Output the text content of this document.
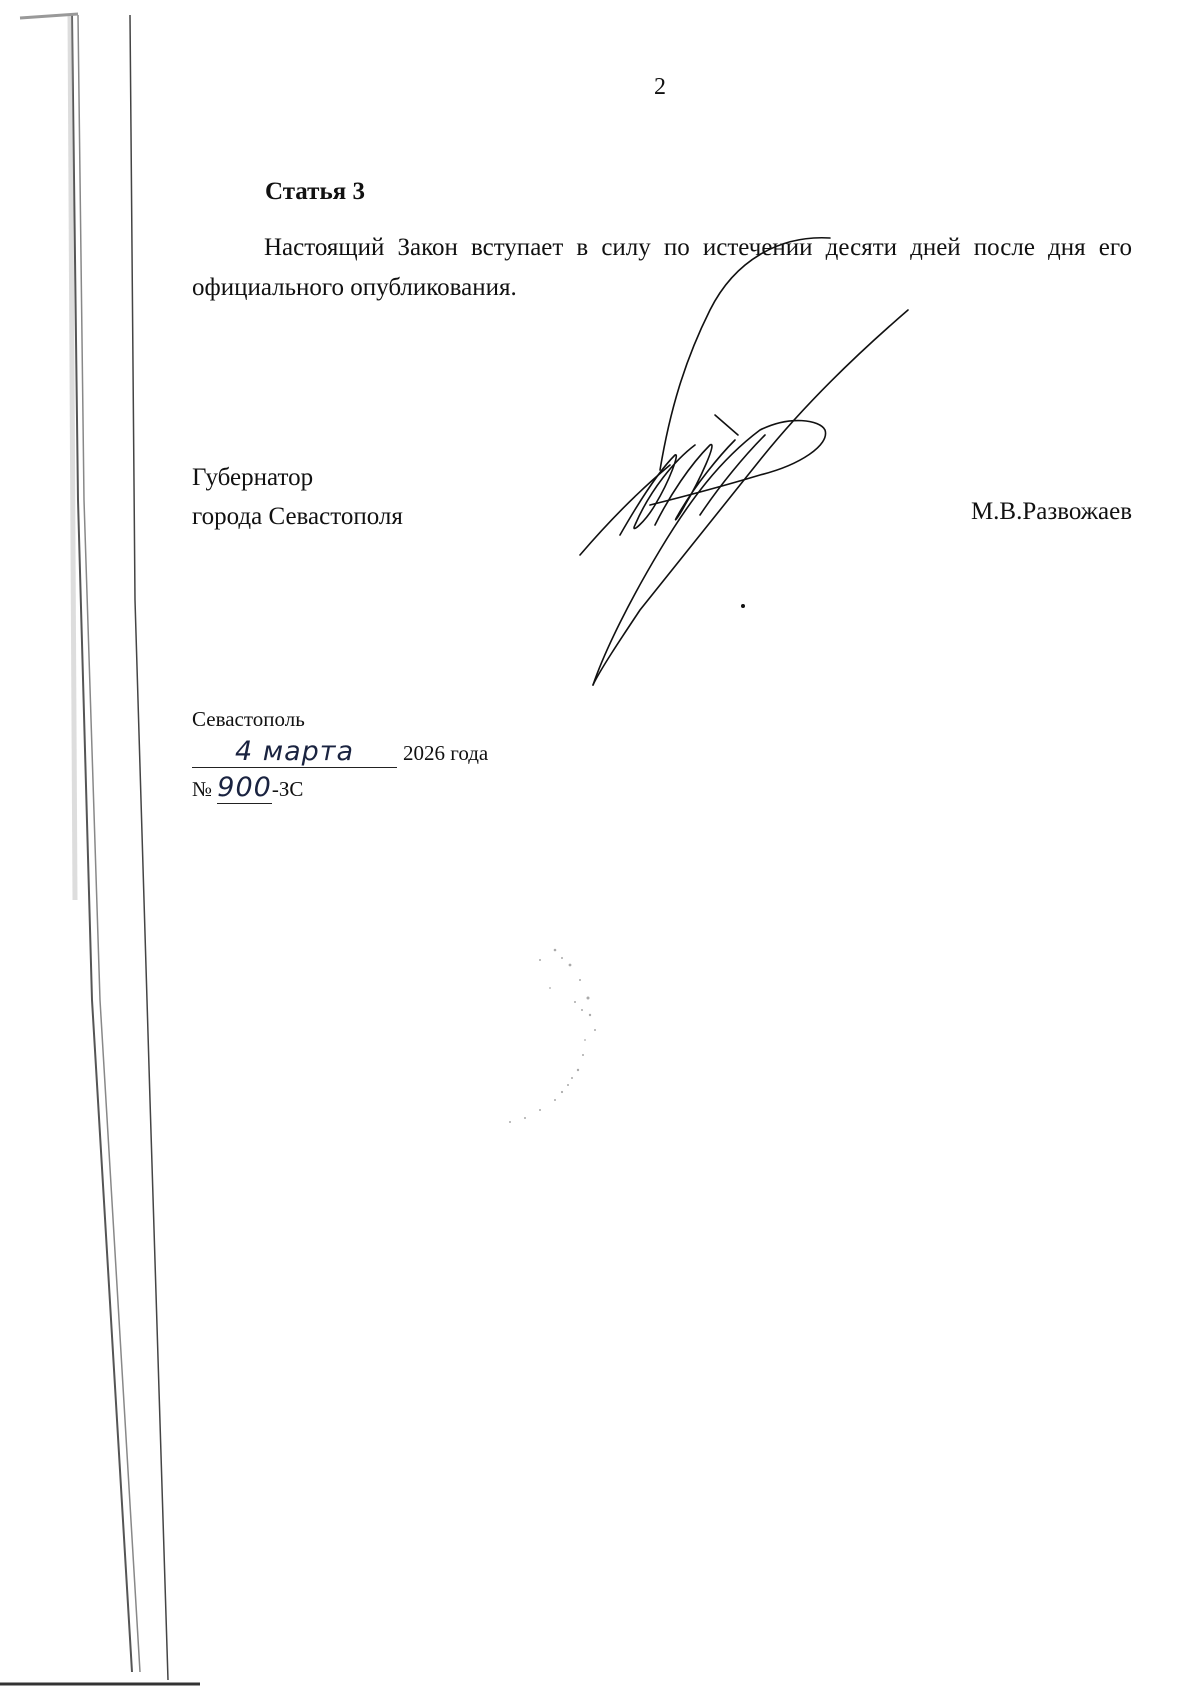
2
Статья 3

Настоящий Закон вступает в силу по истечении десяти дней после дня его официального опубликования.

Губернатор
города Севастополя	М.В.Развожаев
Севастополь
4 марта 2026 года
№ 900-ЗС
